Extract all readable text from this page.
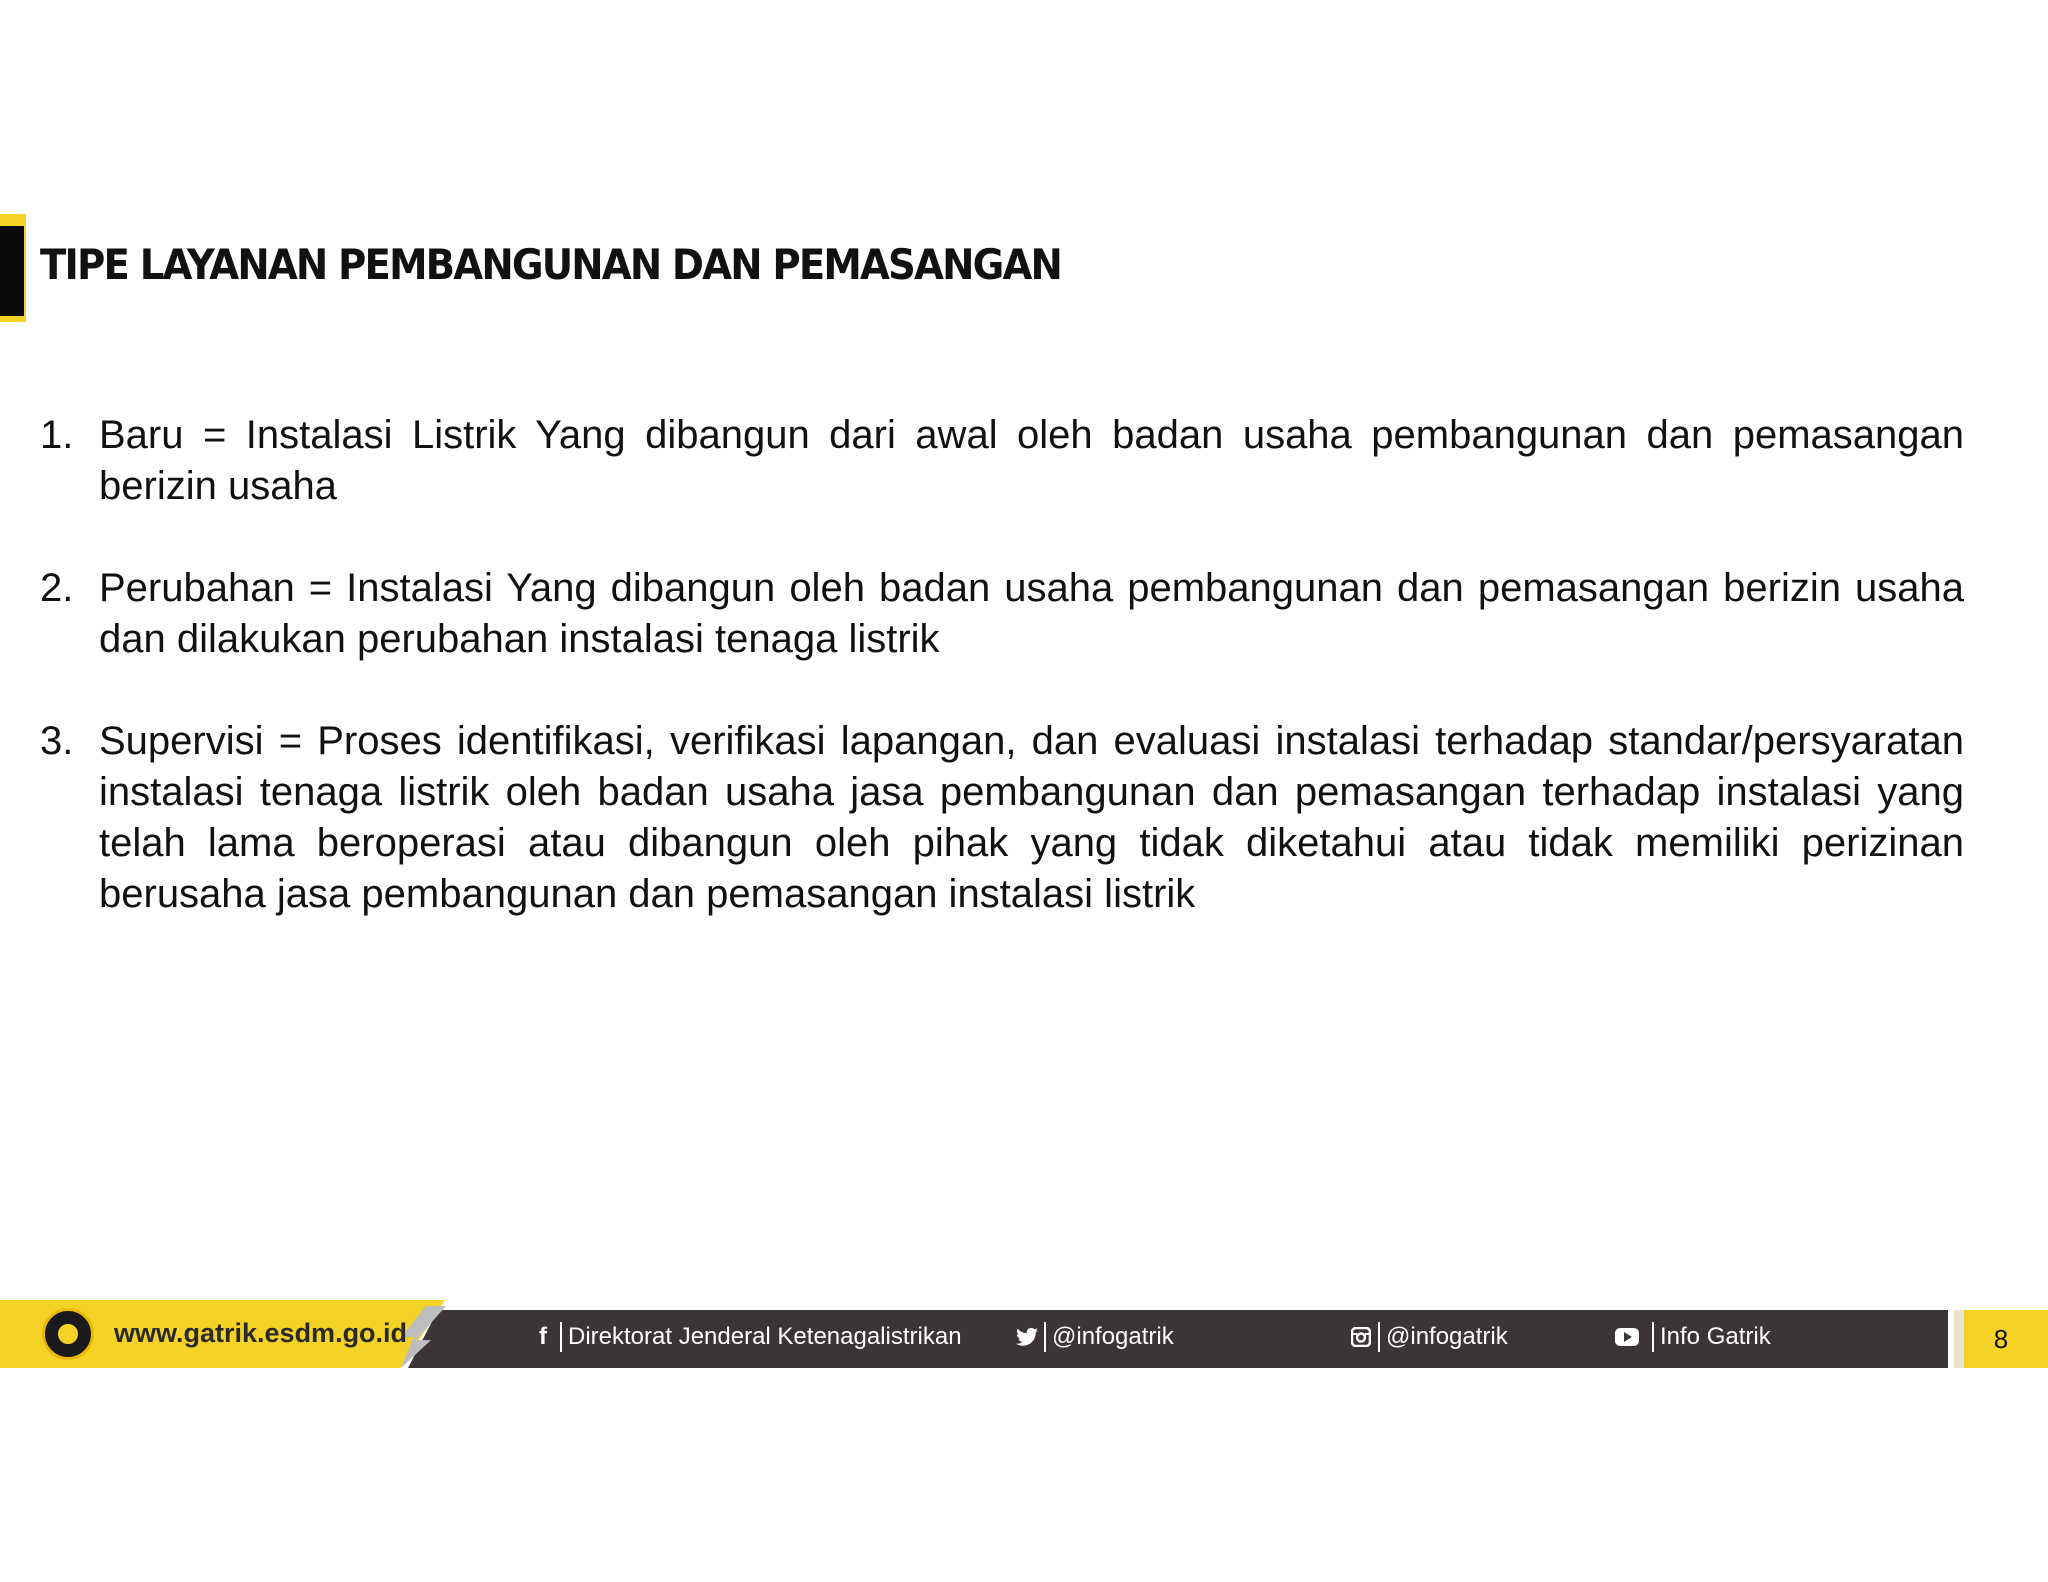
TIPE LAYANAN PEMBANGUNAN DAN PEMASANGAN
1. Baru = Instalasi Listrik Yang dibangun dari awal oleh badan usaha pembangunan dan pemasangan berizin usaha
2. Perubahan = Instalasi Yang dibangun oleh badan usaha pembangunan dan pemasangan berizin usaha dan dilakukan perubahan instalasi tenaga listrik
3. Supervisi = Proses identifikasi, verifikasi lapangan, dan evaluasi instalasi terhadap standar/persyaratan instalasi tenaga listrik oleh badan usaha jasa pembangunan dan pemasangan terhadap instalasi yang telah lama beroperasi atau dibangun oleh pihak yang tidak diketahui atau tidak memiliki perizinan berusaha jasa pembangunan dan pemasangan instalasi listrik
www.gatrik.esdm.go.id	f Direktorat Jenderal Ketenagalistrikan	@infogatrik	@infogatrik	Info Gatrik	8
